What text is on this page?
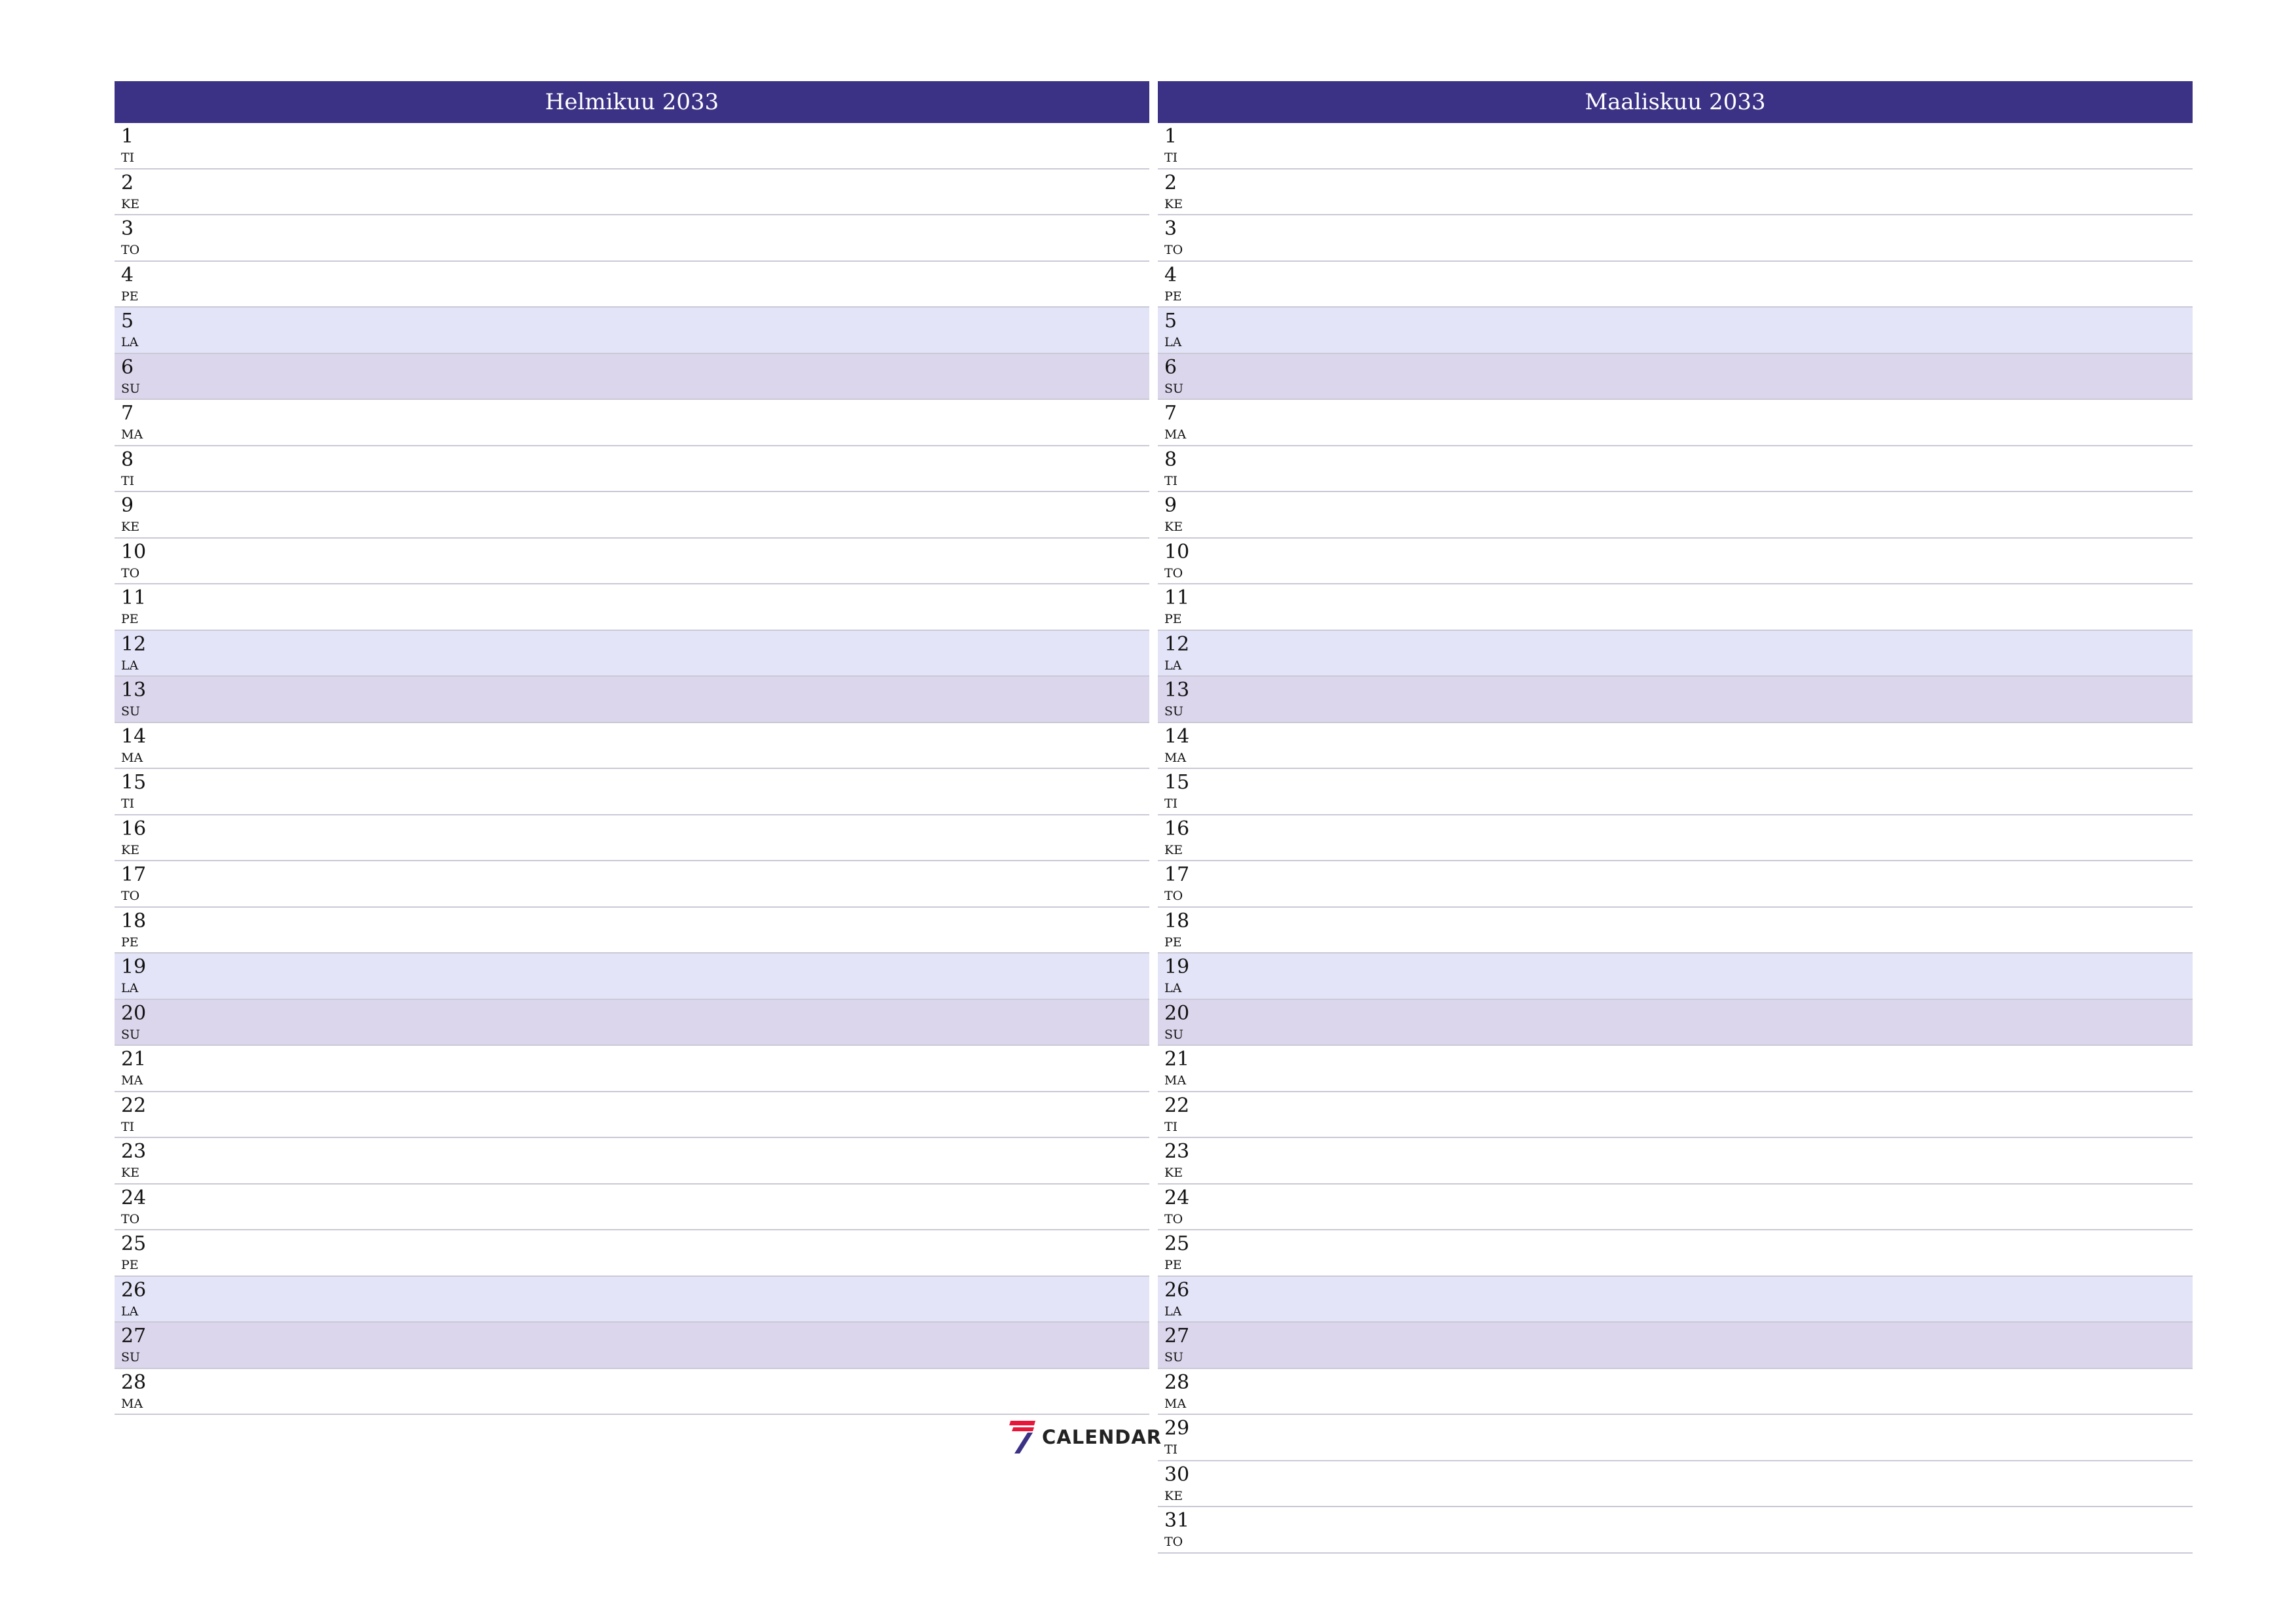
Helmikuu 2033
1
TI
2
KE
3
TO
4
PE
5
LA
6
SU
7
MA
8
TI
9
KE
10
TO
11
PE
12
LA
13
SU
14
MA
15
TI
16
KE
17
TO
18
PE
19
LA
20
SU
21
MA
22
TI
23
KE
24
TO
25
PE
26
LA
27
SU
28
MA
Maaliskuu 2033
1
TI
2
KE
3
TO
4
PE
5
LA
6
SU
7
MA
8
TI
9
KE
10
TO
11
PE
12
LA
13
SU
14
MA
15
TI
16
KE
17
TO
18
PE
19
LA
20
SU
21
MA
22
TI
23
KE
24
TO
25
PE
26
LA
27
SU
28
MA
29
TI
30
KE
31
TO
CALENDAR
